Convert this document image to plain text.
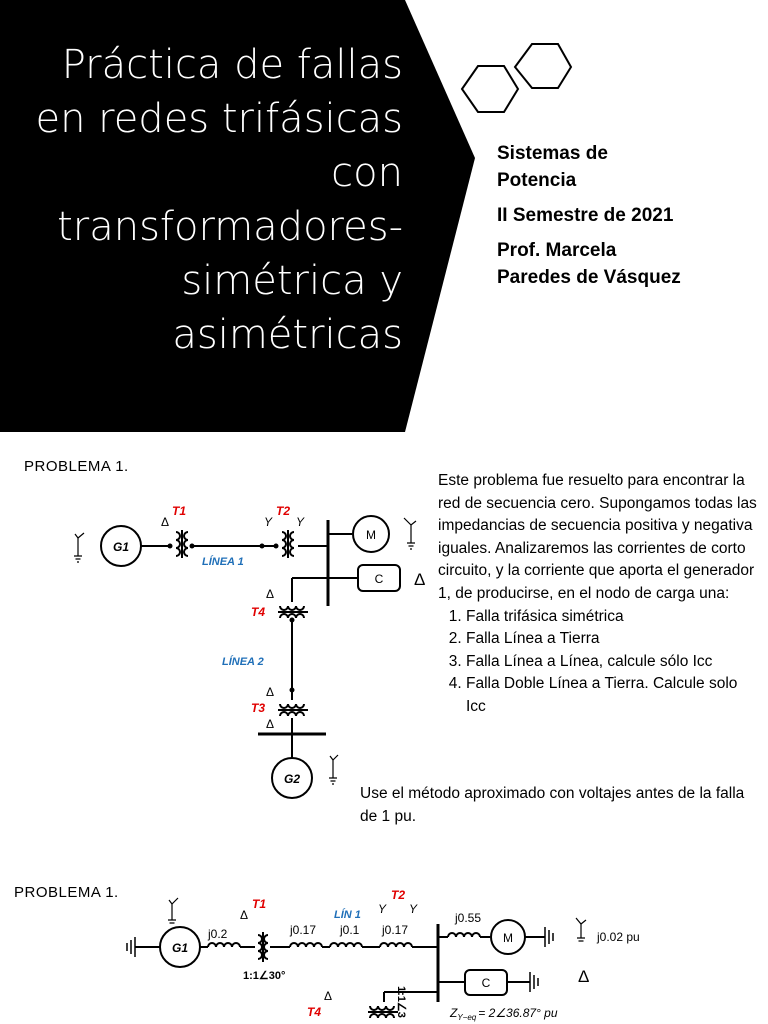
Práctica de fallas
en redes trifásicas
con
transformadores-
simétrica y
asimétricas
Sistemas de
Potencia
II Semestre de 2021
Prof. Marcela
Paredes de Vásquez
PROBLEMA 1.
G1
G2
M
C
T1	T2
T4
T3
LÍNEA 1
LÍNEA 2
Δ	Y Y
Δ
Δ
Δ
Δ
Este problema fue resuelto para encontrar la red de secuencia cero. Supongamos todas las impedancias de secuencia positiva y negativa iguales. Analizaremos las corrientes de corto circuito, y la corriente que aporta el generador 1, de producirse, en el nodo de carga una:
1. Falla trifásica simétrica
2. Falla Línea a Tierra
3. Falla Línea a Línea, calcule sólo Icc
4. Falla Doble Línea a Tierra. Calcule solo Icc
Use el método aproximado con voltajes antes de la falla de 1 pu.
PROBLEMA 1.
G1
M
C
T1
T2
T4
LÍN 1
j0.2	j0.17 j0.1 j0.17
j0.55
j0.02 pu
1:1∠30°
Δ	Y Y
Δ
Δ
1:1∠3	$Z_{Y-eq}$ = 2∠36.87° pu
